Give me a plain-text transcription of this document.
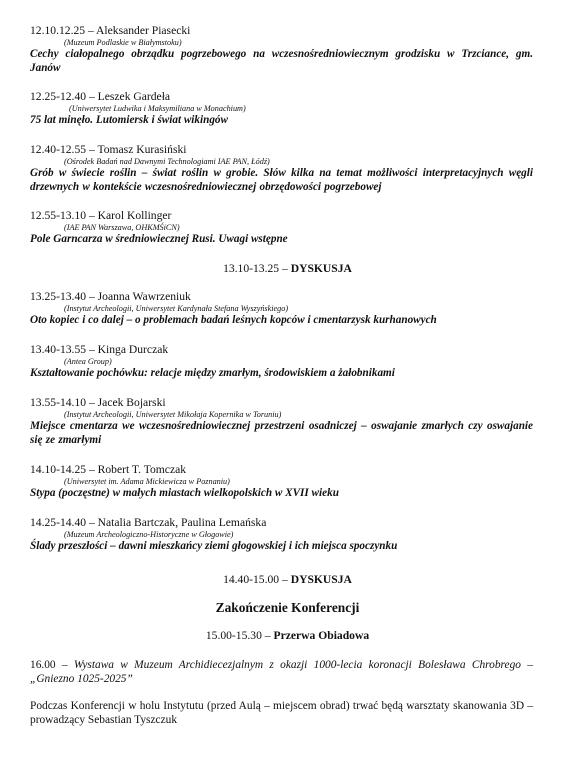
12.10.12.25 – Aleksander Piasecki
(Muzeum Podlaskie w Białymstoku)
Cechy ciałopalnego obrządku pogrzebowego na wczesnośredniowiecznym grodzisku w Trzciance, gm. Janów
12.25-12.40 – Leszek Gardeła
(Uniwersytet Ludwika i Maksymiliana w Monachium)
75 lat minęło. Lutomiersk i świat wikingów
12.40-12.55 – Tomasz Kurasiński
(Ośrodek Badań nad Dawnymi Technologiami IAE PAN, Łódź)
Grób w świecie roślin – świat roślin w grobie. Słów kilka na temat możliwości interpretacyjnych węgli drzewnych w kontekście wczesnośredniowiecznej obrzędowości pogrzebowej
12.55-13.10 – Karol Kollinger
(IAE PAN Warszawa, OHKMŚiCN)
Pole Garncarza w średniowiecznej Rusi. Uwagi wstępne
13.10-13.25 – DYSKUSJA
13.25-13.40 – Joanna Wawrzeniuk
(Instytut Archeologii, Uniwersytet Kardynała Stefana Wyszyńskiego)
Oto kopiec i co dalej – o problemach badań leśnych kopców i cmentarzysk kurhanowych
13.40-13.55 – Kinga Durczak
(Antea Group)
Kształtowanie pochówku: relacje między zmarłym, środowiskiem a żałobnikami
13.55-14.10 – Jacek Bojarski
(Instytut Archeologii, Uniwersytet Mikołaja Kopernika w Toruniu)
Miejsce cmentarza we wczesnośredniowiecznej przestrzeni osadniczej – oswajanie zmarłych czy oswajanie się ze zmarłymi
14.10-14.25 – Robert T. Tomczak
(Uniwersytet im. Adama Mickiewicza w Poznaniu)
Stypa (poczęstne) w małych miastach wielkopolskich w XVII wieku
14.25-14.40 – Natalia Bartczak, Paulina Lemańska
(Muzeum Archeologiczno-Historyczne w Głogowie)
Ślady przeszłości – dawni mieszkańcy ziemi głogowskiej i ich miejsca spoczynku
14.40-15.00 – DYSKUSJA
Zakończenie Konferencji
15.00-15.30 – Przerwa Obiadowa
16.00 – Wystawa w Muzeum Archidiecezjalnym z okazji 1000-lecia koronacji Bolesława Chrobrego – „Gniezno 1025-2025”
Podczas Konferencji w holu Instytutu (przed Aulą – miejscem obrad) trwać będą warsztaty skanowania 3D – prowadzący Sebastian Tyszczuk
